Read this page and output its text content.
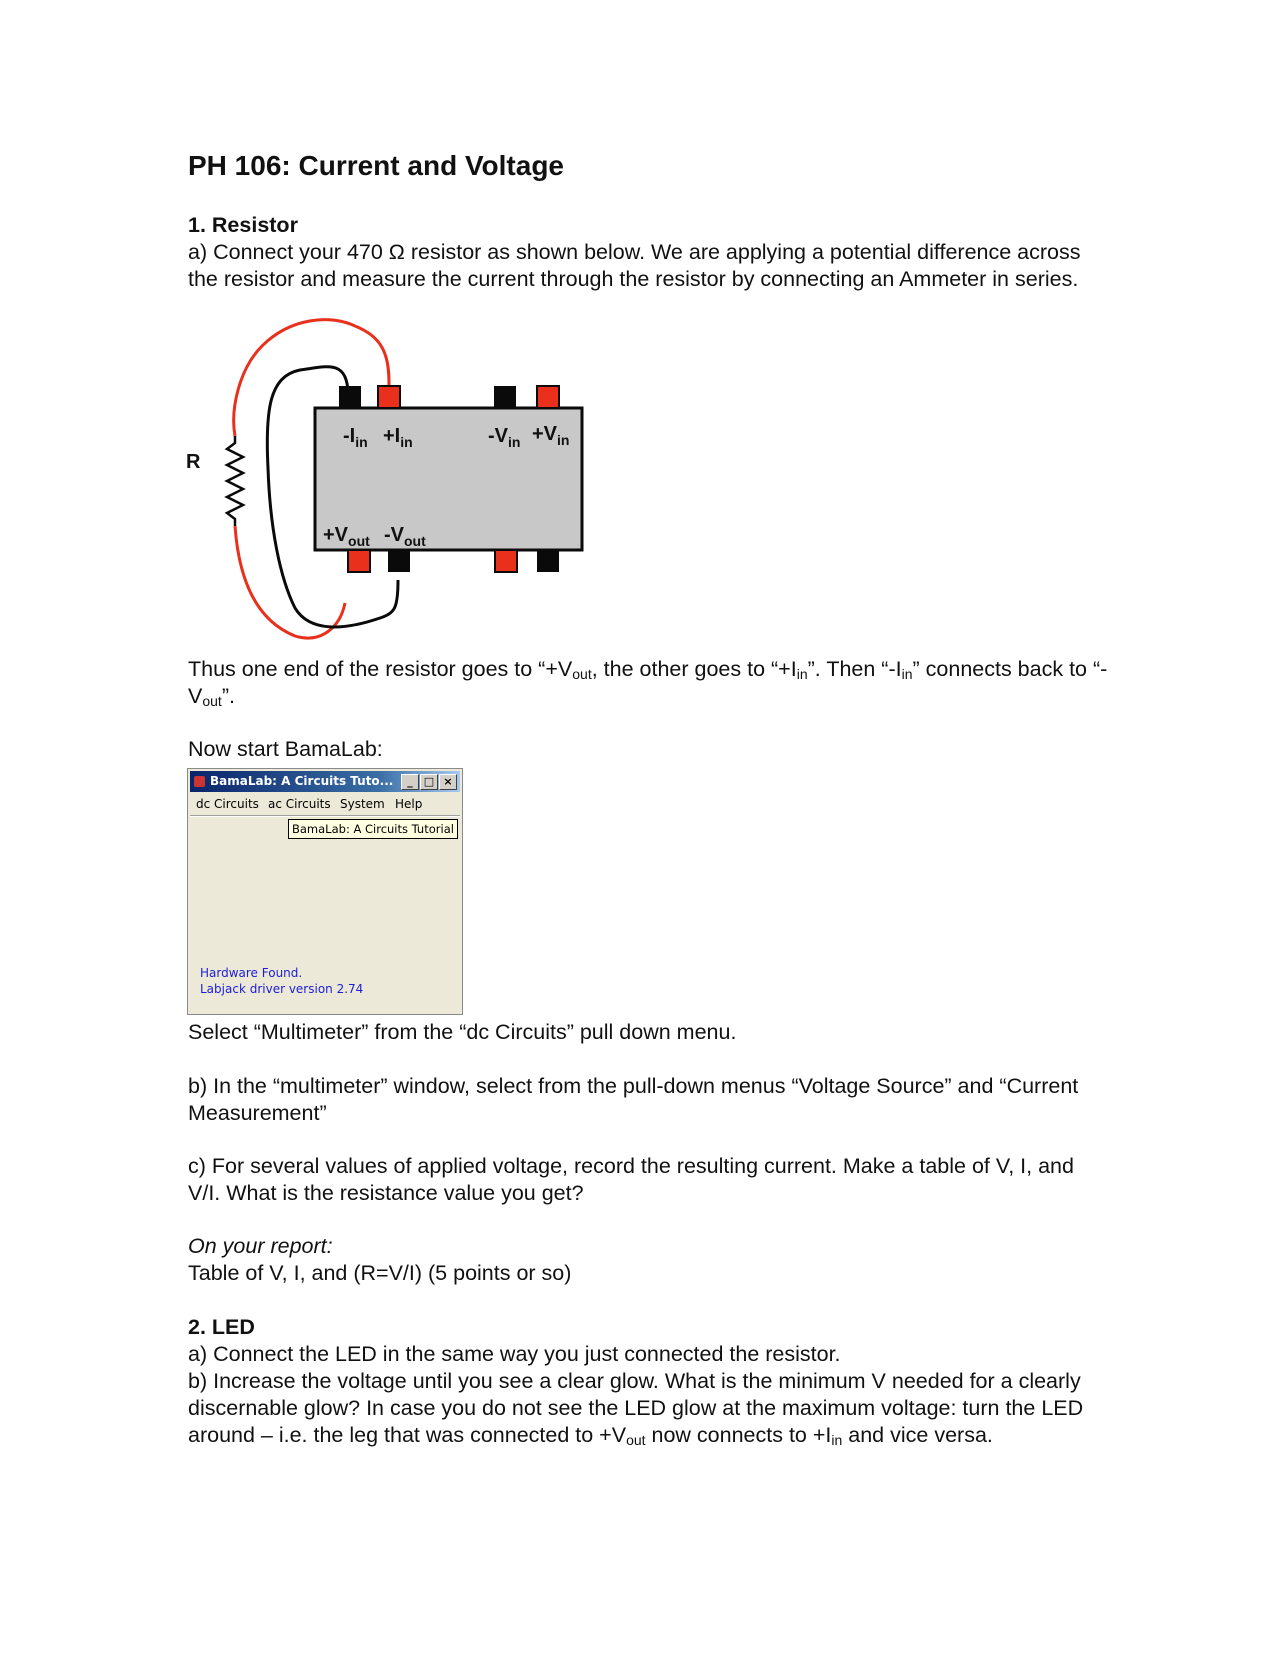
PH 106: Current and Voltage
1. Resistor
a) Connect your 470 Ω resistor as shown below. We are applying a potential difference across the resistor and measure the current through the resistor by connecting an Ammeter in series.
R
$-I_{in} +I_{in}$	$-V_{in} +V_{in}$
$+V_{out}$ $-V_{out}$
Thus one end of the resistor goes to “$+V_{out}$, the other goes to “$+I_{in}$”. Then “$-I_{in}$” connects back to “$-V_{out}$”.
Now start BamaLab:
BamaLab: A Circuits Tuto...	_	□ ×
dc Circuits ac Circuits System Help
BamaLab: A Circuits Tutorial
Hardware Found.
Labjack driver version 2.74
Select “Multimeter” from the “dc Circuits” pull down menu.
b) In the “multimeter” window, select from the pull-down menus “Voltage Source” and “Current Measurement”
c) For several values of applied voltage, record the resulting current. Make a table of V, I, and V/I. What is the resistance value you get?
On your report:
Table of V, I, and (R=V/I) (5 points or so)
2. LED
a) Connect the LED in the same way you just connected the resistor.
b) Increase the voltage until you see a clear glow. What is the minimum V needed for a clearly discernable glow? In case you do not see the LED glow at the maximum voltage: turn the LED around – i.e. the leg that was connected to $+V_{out}$ now connects to $+I_{in}$ and vice versa.
